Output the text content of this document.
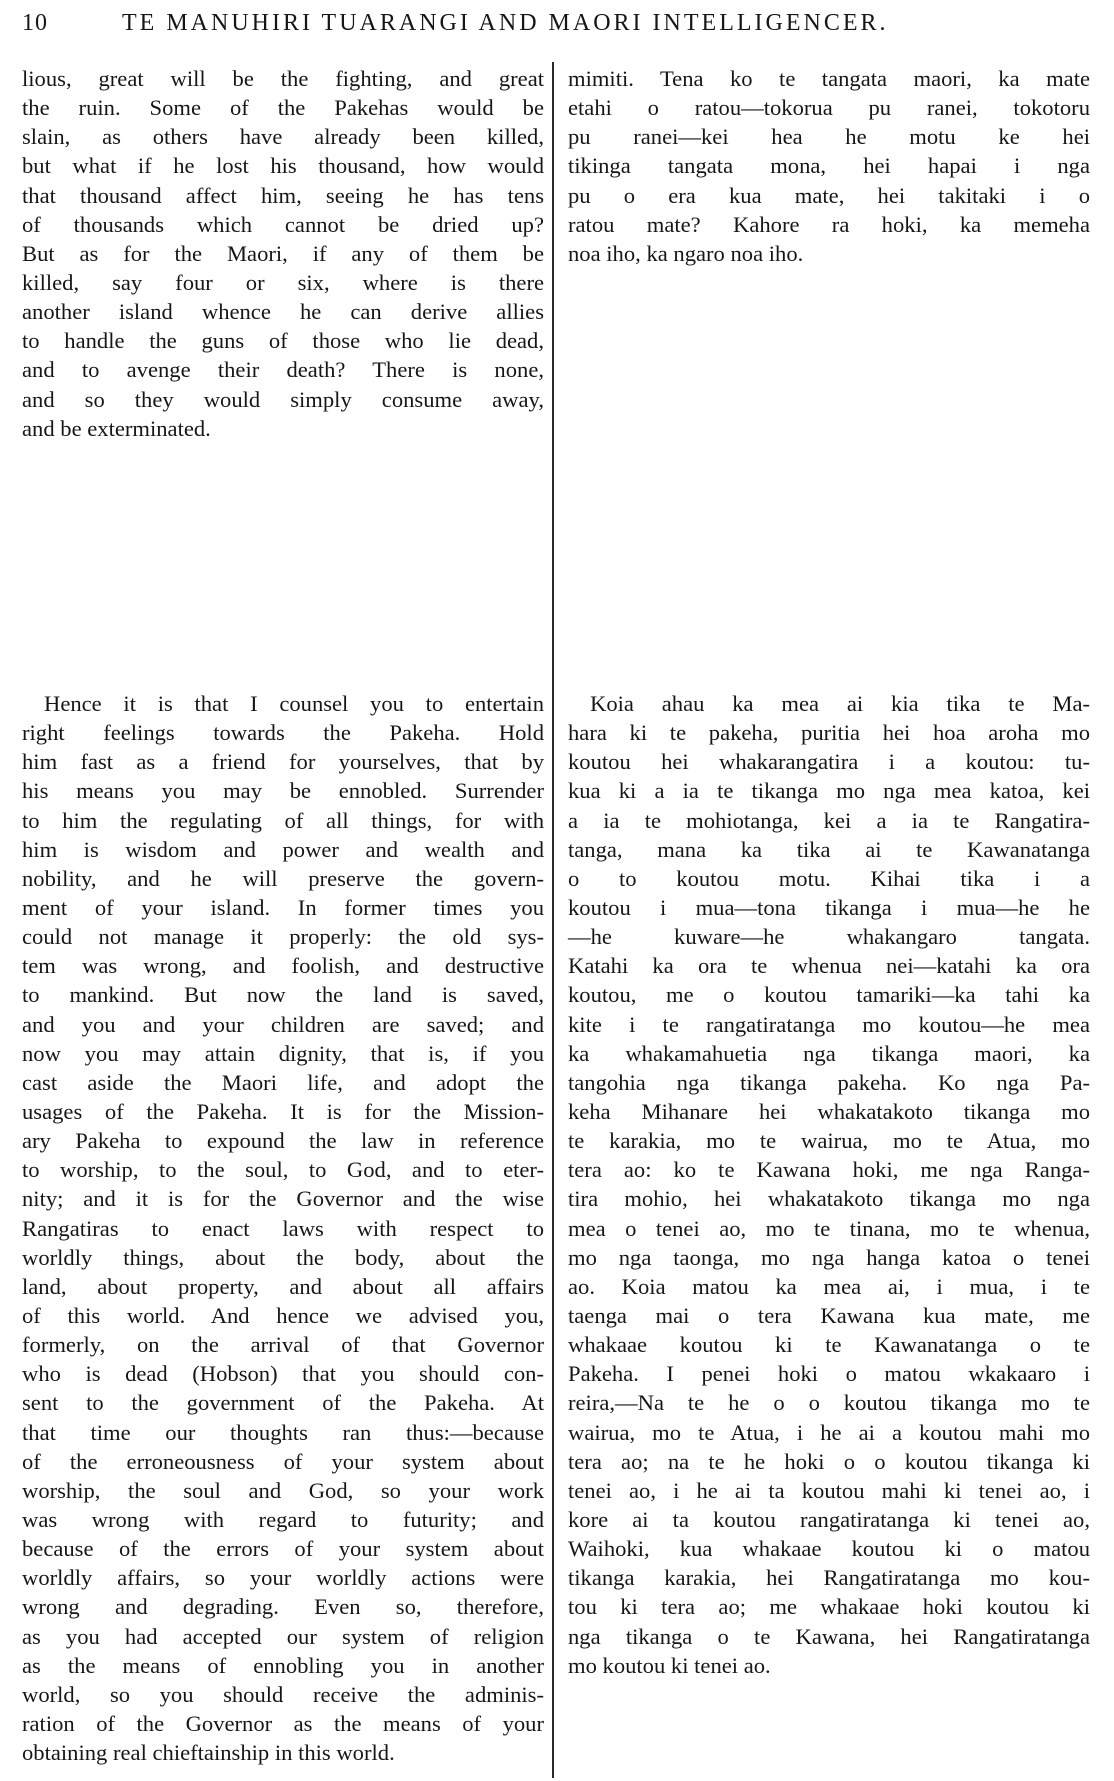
10	TE MANUHIRI TUARANGI AND MAORI INTELLIGENCER.
lious, great will be the fighting, and great
the ruin. Some of the Pakehas would be
slain, as others have already been killed,
but what if he lost his thousand, how would
that thousand affect him, seeing he has tens
of thousands which cannot be dried up?
But as for the Maori, if any of them be
killed, say four or six, where is there
another island whence he can derive allies
to handle the guns of those who lie dead,
and to avenge their death? There is none,
and so they would simply consume away,
and be exterminated.
mimiti. Tena ko te tangata maori, ka mate
etahi o ratou—tokorua pu ranei, tokotoru
pu ranei—kei hea he motu ke hei
tikinga tangata mona, hei hapai i nga
pu o era kua mate, hei takitaki i o
ratou mate? Kahore ra hoki, ka memeha
noa iho, ka ngaro noa iho.
Hence it is that I counsel you to entertain
right feelings towards the Pakeha. Hold
him fast as a friend for yourselves, that by
his means you may be ennobled. Surrender
to him the regulating of all things, for with
him is wisdom and power and wealth and
nobility, and he will preserve the govern-
ment of your island. In former times you
could not manage it properly: the old sys-
tem was wrong, and foolish, and destructive
to mankind. But now the land is saved,
and you and your children are saved; and
now you may attain dignity, that is, if you
cast aside the Maori life, and adopt the
usages of the Pakeha. It is for the Mission-
ary Pakeha to expound the law in reference
to worship, to the soul, to God, and to eter-
nity; and it is for the Governor and the wise
Rangatiras to enact laws with respect to
worldly things, about the body, about the
land, about property, and about all affairs
of this world. And hence we advised you,
formerly, on the arrival of that Governor
who is dead (Hobson) that you should con-
sent to the government of the Pakeha. At
that time our thoughts ran thus:—because
of the erroneousness of your system about
worship, the soul and God, so your work
was wrong with regard to futurity; and
because of the errors of your system about
worldly affairs, so your worldly actions were
wrong and degrading. Even so, therefore,
as you had accepted our system of religion
as the means of ennobling you in another
world, so you should receive the adminis-
ration of the Governor as the means of your
obtaining real chieftainship in this world.
Koia ahau ka mea ai kia tika te Ma-
hara ki te pakeha, puritia hei hoa aroha mo
koutou hei whakarangatira i a koutou: tu-
kua ki a ia te tikanga mo nga mea katoa, kei
a ia te mohiotanga, kei a ia te Rangatira-
tanga, mana ka tika ai te Kawanatanga
o to koutou motu. Kihai tika i a
koutou i mua—tona tikanga i mua—he he
—he kuware—he whakangaro tangata.
Katahi ka ora te whenua nei—katahi ka ora
koutou, me o koutou tamariki—ka tahi ka
kite i te rangatiratanga mo koutou—he mea
ka whakamahuetia nga tikanga maori, ka
tangohia nga tikanga pakeha. Ko nga Pa-
keha Mihanare hei whakatakoto tikanga mo
te karakia, mo te wairua, mo te Atua, mo
tera ao: ko te Kawana hoki, me nga Ranga-
tira mohio, hei whakatakoto tikanga mo nga
mea o tenei ao, mo te tinana, mo te whenua,
mo nga taonga, mo nga hanga katoa o tenei
ao. Koia matou ka mea ai, i mua, i te
taenga mai o tera Kawana kua mate, me
whakaae koutou ki te Kawanatanga o te
Pakeha. I penei hoki o matou wkakaaro i
reira,—Na te he o o koutou tikanga mo te
wairua, mo te Atua, i he ai a koutou mahi mo
tera ao; na te he hoki o o koutou tikanga ki
tenei ao, i he ai ta koutou mahi ki tenei ao, i
kore ai ta koutou rangatiratanga ki tenei ao,
Waihoki, kua whakaae koutou ki o matou
tikanga karakia, hei Rangatiratanga mo kou-
tou ki tera ao; me whakaae hoki koutou ki
nga tikanga o te Kawana, hei Rangatiratanga
mo koutou ki tenei ao.
